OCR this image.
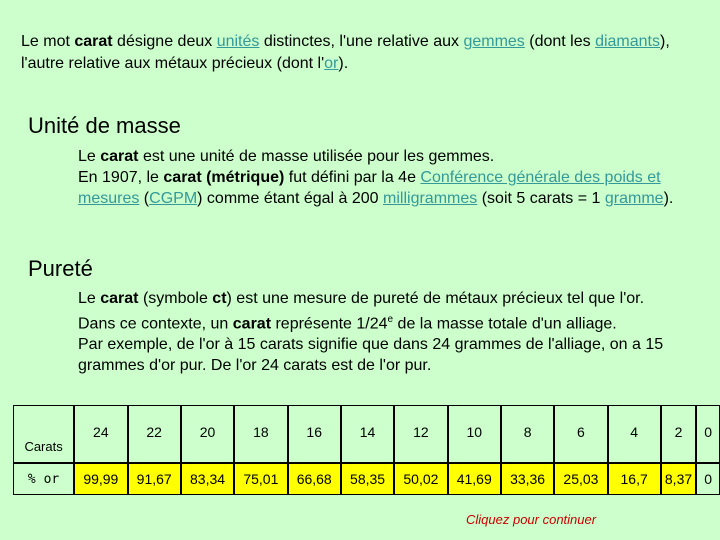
Le mot carat désigne deux unités distinctes, l'une relative aux gemmes (dont les diamants), l'autre relative aux métaux précieux (dont l'or).
Unité de masse
Le carat est une unité de masse utilisée pour les gemmes.
En 1907, le carat (métrique) fut défini par la 4e Conférence générale des poids et mesures (CGPM) comme étant égal à 200 milligrammes (soit 5 carats = 1 gramme).
Pureté
Le carat (symbole ct) est une mesure de pureté de métaux précieux tel que l'or. Dans ce contexte, un carat représente 1/24e de la masse totale d'un alliage.
Par exemple, de l'or à 15 carats signifie que dans 24 grammes de l'alliage, on a 15 grammes d'or pur. De l'or 24 carats est de l'or pur.
Carats	24	22	20	18	16	14	12	10	8	6	4	2	0
% or	99,99	91,67	83,34	75,01	66,68	58,35	50,02	41,69	33,36	25,03	16,7	8,37	0
Cliquez pour continuer
